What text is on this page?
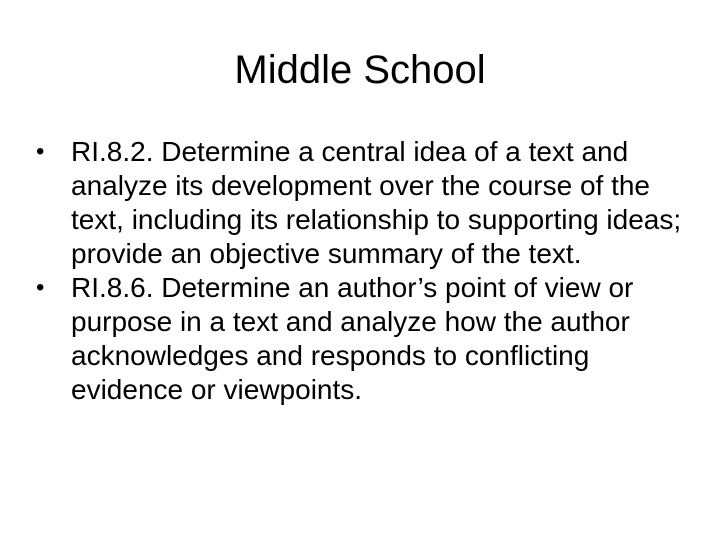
Middle School
• RI.8.2. Determine a central idea of a text and analyze its development over the course of the text, including its relationship to supporting ideas; provide an objective summary of the text.
• RI.8.6. Determine an author’s point of view or purpose in a text and analyze how the author acknowledges and responds to conflicting evidence or viewpoints.
